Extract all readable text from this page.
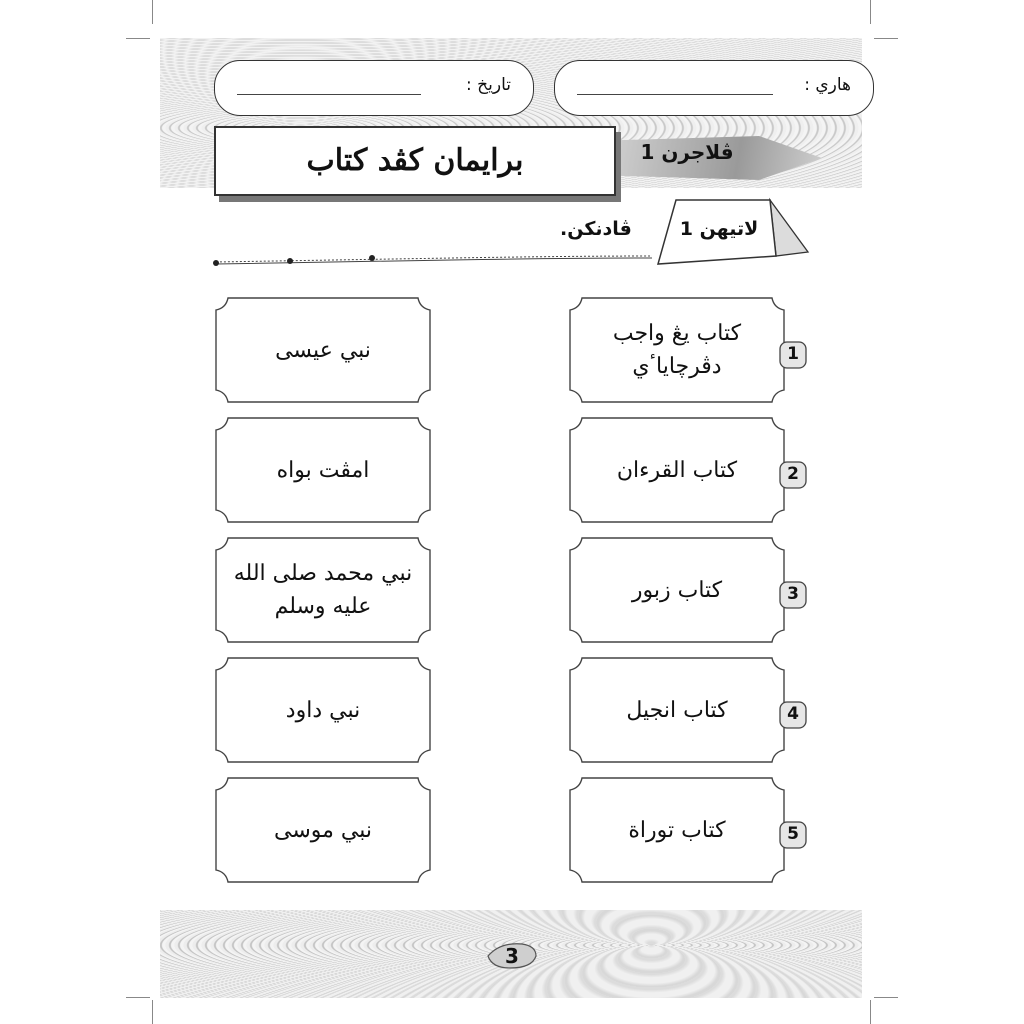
تاريخ :	هاري :
ڤلاجرن 1
برايمان كڤد كتاب
لاتيهن 1
ڤادنكن.
كتاب يڠ واجب دڤرچاياٴي
كتاب القرءان
كتاب زبور
كتاب انجيل
كتاب توراة
1
2
3
4
5
نبي عيسى
امڤت بواه
نبي محمد صلى الله عليه وسلم
نبي داود
نبي موسى
3
